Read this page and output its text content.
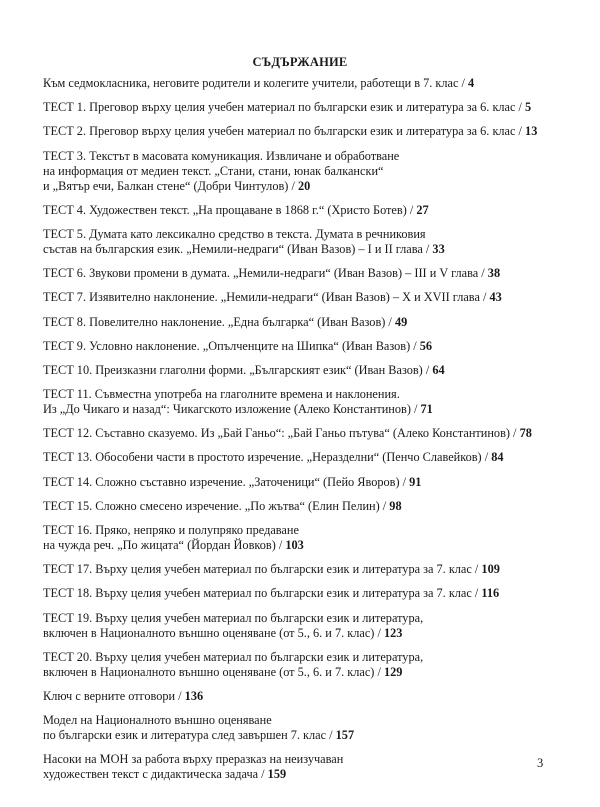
СЪДЪРЖАНИЕ
Към седмокласника, неговите родители и колегите учители, работещи в 7. клас / 4
ТЕСТ 1. Преговор върху целия учебен материал по български език и литература за 6. клас / 5
ТЕСТ 2. Преговор върху целия учебен материал по български език и литература за 6. клас / 13
ТЕСТ 3. Текстът в масовата комуникация. Извличане и обработване
на информация от медиен текст. „Стани, стани, юнак балкански“
и „Вятър ечи, Балкан стене“ (Добри Чинтулов) / 20
ТЕСТ 4. Художествен текст. „На прощаване в 1868 г.“ (Христо Ботев) / 27
ТЕСТ 5. Думата като лексикално средство в текста. Думата в речниковия
състав на българския език. „Немили-недраги“ (Иван Вазов) – I и II глава / 33
ТЕСТ 6. Звукови промени в думата. „Немили-недраги“ (Иван Вазов) – III и V глава / 38
ТЕСТ 7. Изявително наклонение. „Немили-недраги“ (Иван Вазов) – X и XVII глава / 43
ТЕСТ 8. Повелително наклонение. „Една българка“ (Иван Вазов) / 49
ТЕСТ 9. Условно наклонение. „Опълченците на Шипка“ (Иван Вазов) / 56
ТЕСТ 10. Преизказни глаголни форми. „Българският език“ (Иван Вазов) / 64
ТЕСТ 11. Съвместна употреба на глаголните времена и наклонения.
Из „До Чикаго и назад“: Чикагското изложение (Алеко Константинов) / 71
ТЕСТ 12. Съставно сказуемо. Из „Бай Ганьо“: „Бай Ганьо пътува“ (Алеко Константинов) / 78
ТЕСТ 13. Обособени части в простото изречение. „Неразделни“ (Пенчо Славейков) / 84
ТЕСТ 14. Сложно съставно изречение. „Заточеници“ (Пейо Яворов) / 91
ТЕСТ 15. Сложно смесено изречение. „По жътва“ (Елин Пелин) / 98
ТЕСТ 16. Пряко, непряко и полупряко предаване
на чужда реч. „По жицата“ (Йордан Йовков) / 103
ТЕСТ 17. Върху целия учебен материал по български език и литература за 7. клас / 109
ТЕСТ 18. Върху целия учебен материал по български език и литература за 7. клас / 116
ТЕСТ 19. Върху целия учебен материал по български език и литература,
включен в Националното външно оценяване (от 5., 6. и 7. клас) / 123
ТЕСТ 20. Върху целия учебен материал по български език и литература,
включен в Националното външно оценяване (от 5., 6. и 7. клас) / 129
Ключ с верните отговори / 136
Модел на Националното външно оценяване
по български език и литература след завършен 7. клас / 157
Насоки на МОН за работа върху преразказ на неизучаван
художествен текст с дидактическа задача / 159
3
